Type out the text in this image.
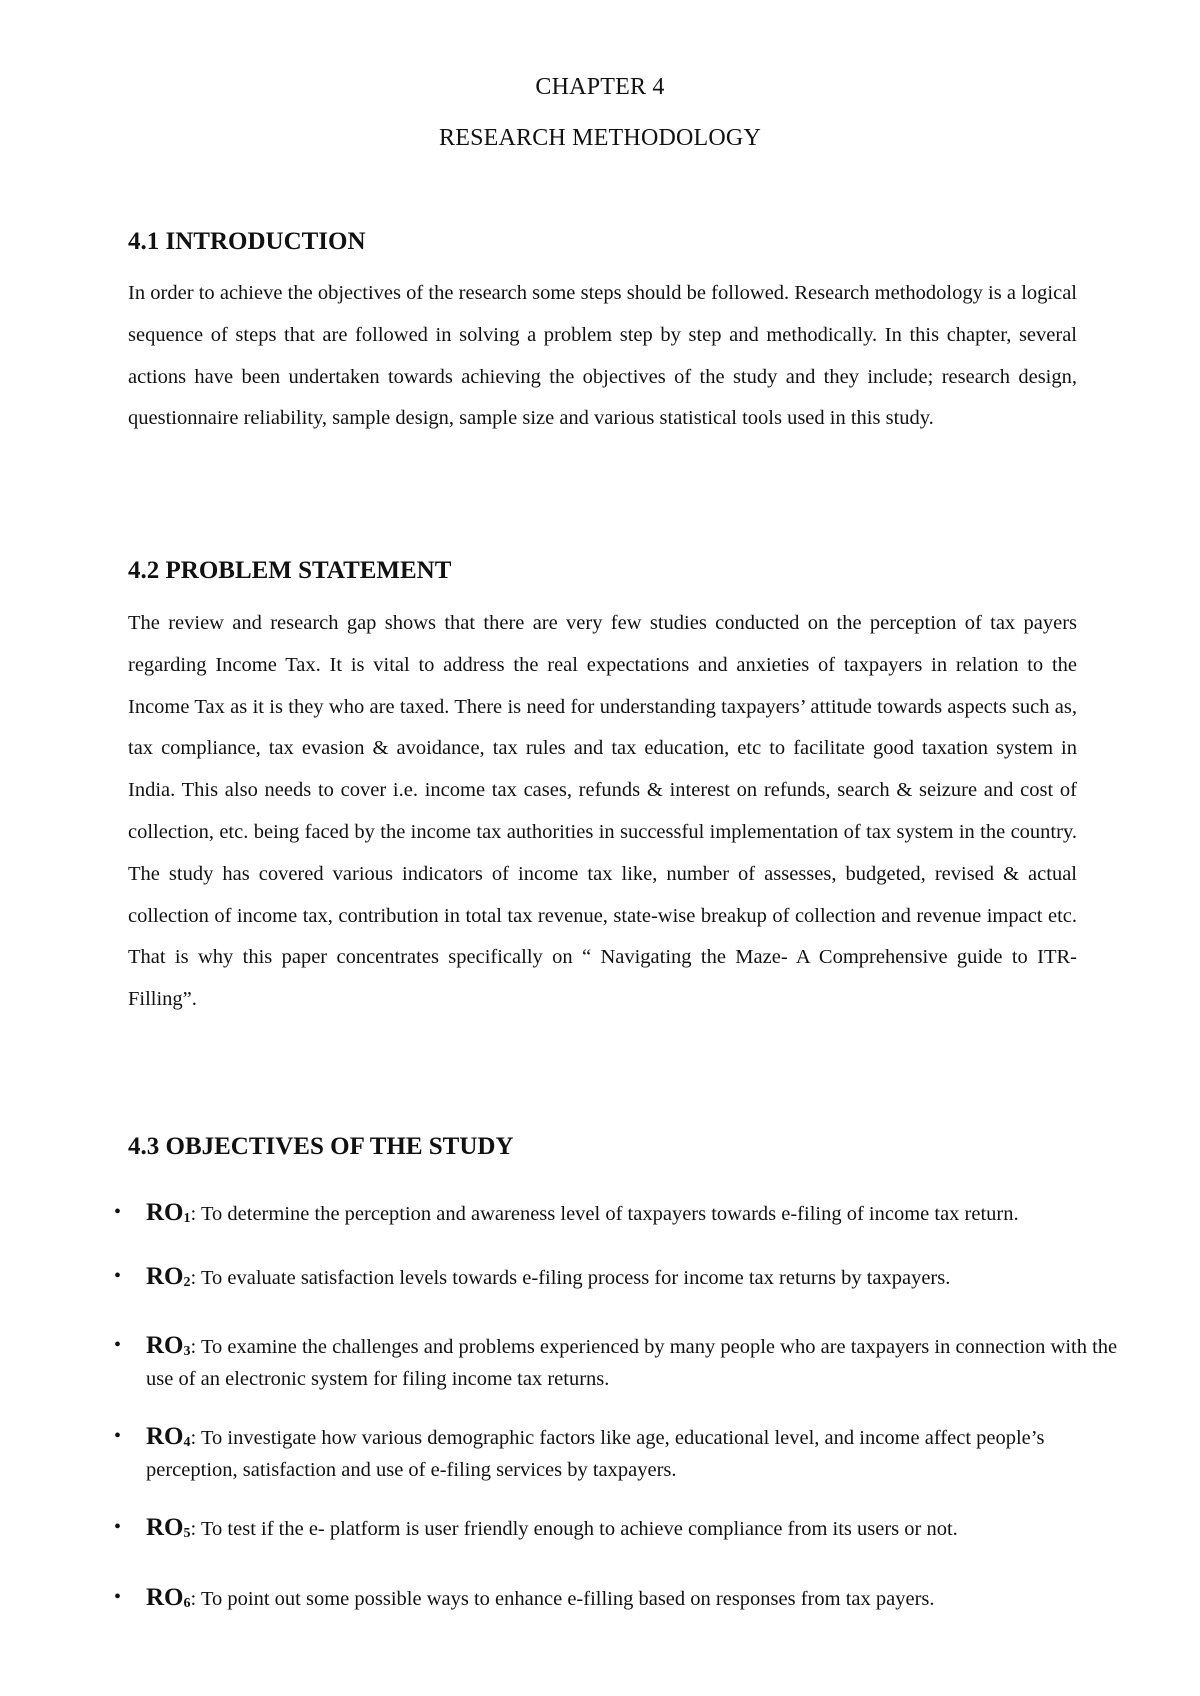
CHAPTER 4
RESEARCH METHODOLOGY
4.1 INTRODUCTION

In order to achieve the objectives of the research some steps should be followed. Research methodology is a logical sequence of steps that are followed in solving a problem step by step and methodically. In this chapter, several actions have been undertaken towards achieving the objectives of the study and they include; research design, questionnaire reliability, sample design, sample size and various statistical tools used in this study.

4.2 PROBLEM STATEMENT

The review and research gap shows that there are very few studies conducted on the perception of tax payers regarding Income Tax. It is vital to address the real expectations and anxieties of taxpayers in relation to the Income Tax as it is they who are taxed. There is need for understanding taxpayers’ attitude towards aspects such as, tax compliance, tax evasion & avoidance, tax rules and tax education, etc to facilitate good taxation system in India. This also needs to cover i.e. income tax cases, refunds & interest on refunds, search & seizure and cost of collection, etc. being faced by the income tax authorities in successful implementation of tax system in the country. The study has covered various indicators of income tax like, number of assesses, budgeted, revised & actual collection of income tax, contribution in total tax revenue, state-wise breakup of collection and revenue impact etc. That is why this paper concentrates specifically on “ Navigating the Maze- A Comprehensive guide to ITR- Filling”.

4.3 OBJECTIVES OF THE STUDY
• $RO_1$: To determine the perception and awareness level of taxpayers towards e-filing of income tax return.
• $RO_2$: To evaluate satisfaction levels towards e-filing process for income tax returns by taxpayers.
• $RO_3$: To examine the challenges and problems experienced by many people who are taxpayers in connection with the use of an electronic system for filing income tax returns.
• $RO_4$: To investigate how various demographic factors like age, educational level, and income affect people’s perception, satisfaction and use of e-filing services by taxpayers.
• $RO_5$: To test if the e- platform is user friendly enough to achieve compliance from its users or not.
• $RO_6$: To point out some possible ways to enhance e-filling based on responses from tax payers.
